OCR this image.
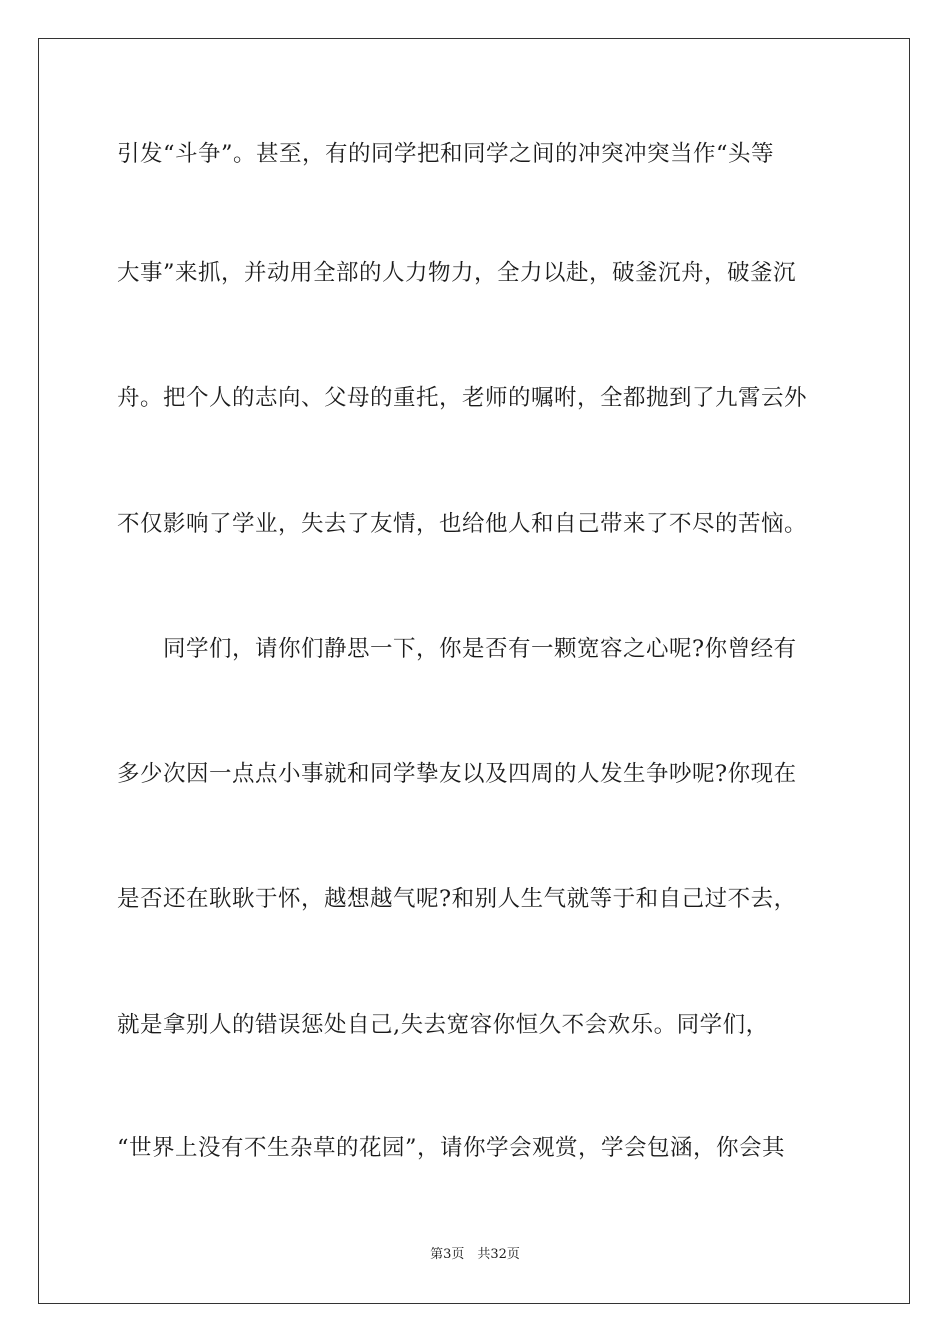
引发“斗争”。甚至，有的同学把和同学之间的冲突冲突当作“头等
大事”来抓，并动用全部的人力物力，全力以赴，破釜沉舟，破釜沉
舟。把个人的志向、父母的重托，老师的嘱咐，全都抛到了九霄云外
不仅影响了学业，失去了友情，也给他人和自己带来了不尽的苦恼。
　　同学们，请你们静思一下，你是否有一颗宽容之心呢?你曾经有
多少次因一点点小事就和同学挚友以及四周的人发生争吵呢?你现在
是否还在耿耿于怀，越想越气呢?和别人生气就等于和自己过不去，
就是拿别人的错误惩处自己,失去宽容你恒久不会欢乐。同学们，
“世界上没有不生杂草的花园”，请你学会观赏，学会包涵，你会其
第3页　共32页
